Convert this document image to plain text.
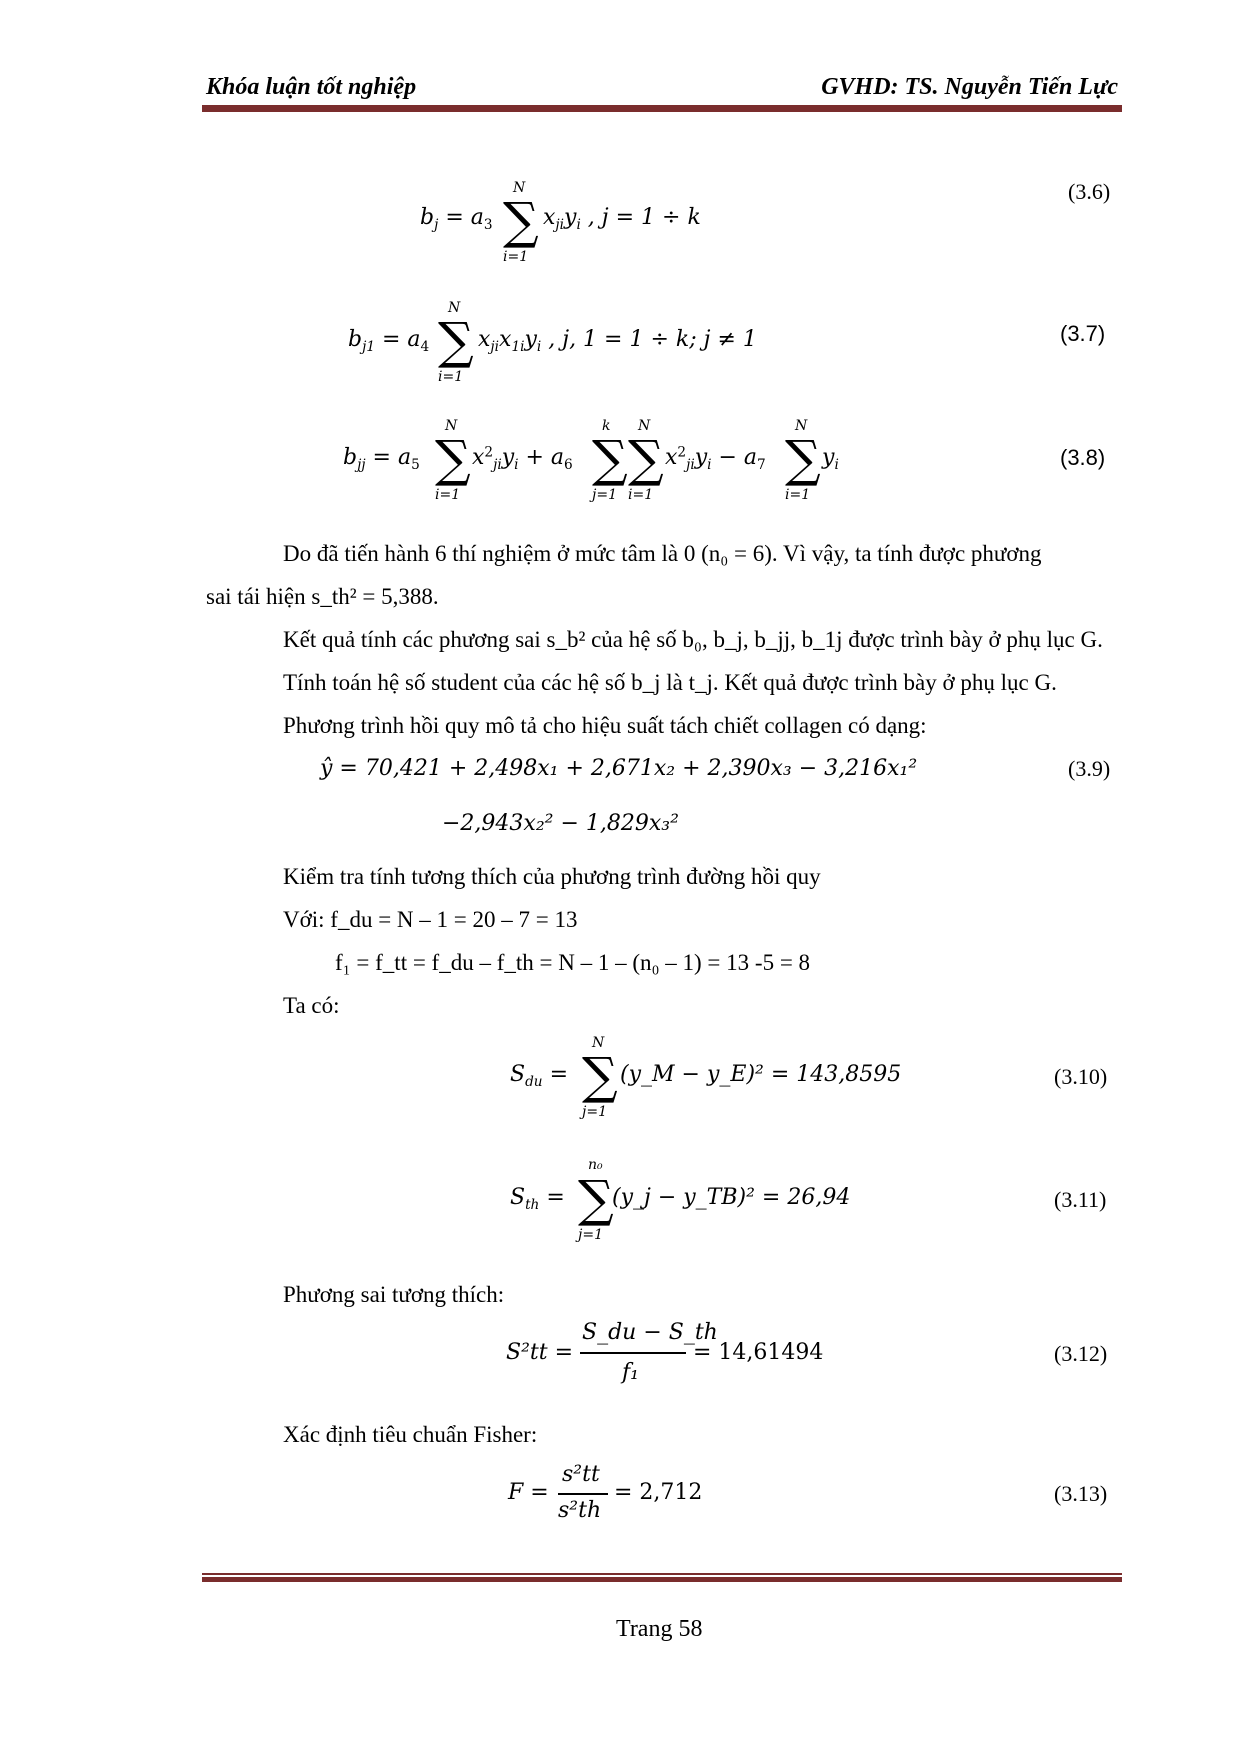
Khóa luận tốt nghiệp	GVHD: TS. Nguyễn Tiến Lực
$b_j = a_3$
N
∑
i=1
$x_{ji}y_i$ , j = 1 ÷ k
(3.6)
$b_{j1} = a_4$
N
∑
i=1
$x_{ji}x_{1i}y_i$ , j, 1 = 1 ÷ k; j ≠ 1	(3.7)
$b_{jj} = a_5$
N
∑
i=1
$x^2_{ji}y_i + a_6$
k
∑
j=1
N
∑
i=1
$x^2_{ji}y_i - a_7$
N
∑
i=1
$y_i$	(3.8)
Do đã tiến hành 6 thí nghiệm ở mức tâm là 0 (n₀ = 6). Vì vậy, ta tính được phương
sai tái hiện s_th² = 5,388.
Kết quả tính các phương sai s_b² của hệ số b₀, b_j, b_jj, b_1j được trình bày ở phụ lục G.
Tính toán hệ số student của các hệ số b_j là t_j. Kết quả được trình bày ở phụ lục G.
Phương trình hồi quy mô tả cho hiệu suất tách chiết collagen có dạng:
ŷ = 70,421 + 2,498x₁ + 2,671x₂ + 2,390x₃ − 3,216x₁²
−2,943x₂² − 1,829x₃²
(3.9)
Kiểm tra tính tương thích của phương trình đường hồi quy
Với: f_du = N – 1 = 20 – 7 = 13
f₁ = f_tt = f_du – f_th = N – 1 – (n₀ – 1) = 13 -5 = 8
Ta có:
$S_{du}$ =
N
∑
j=1
(y_M − y_E)² = 143,8595	(3.10)
$S_{th}$ =
n₀
∑
j=1
(y_j − y_TB)² = 26,94	(3.11)
Phương sai tương thích:
S²tt =
S_du − S_th
f₁
= 14,61494	(3.12)
Xác định tiêu chuẩn Fisher:
F =
s²tt
s²th
= 2,712	(3.13)
Trang 58
